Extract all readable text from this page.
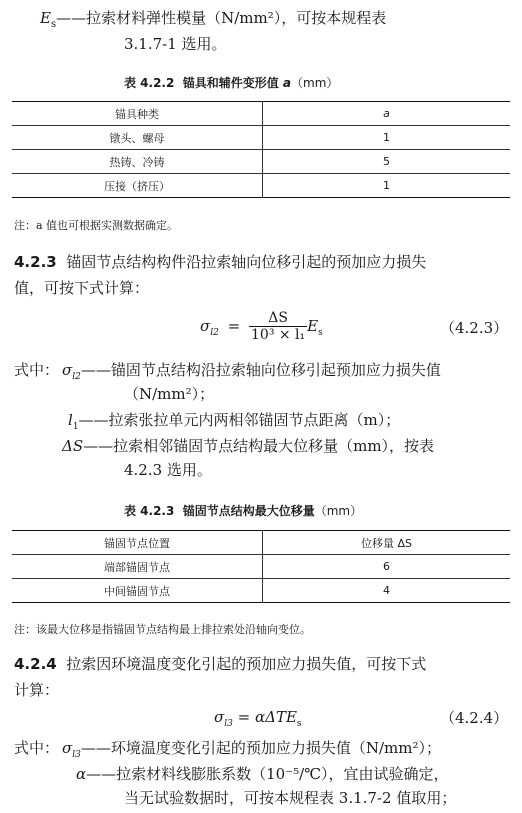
$E_s——$拉索材料弹性模量（N/mm²），可按本规程表
3.1.7-1 选用。
表 4.2.2 锚具和辅件变形值 a（mm）
锚具种类	a
镦头、螺母	1
热铸、冷铸	5
压接（挤压）	1
注：a 值也可根据实测数据确定。
4.2.3 锚固节点结构构件沿拉索轴向位移引起的预加应力损失
值，可按下式计算：
$\sigma_{l2} = \frac{\Delta S}{\text{10³ × l₁}} E_s$	（4.2.3）
式中： $\sigma_{l2}——$锚固节点结构沿拉索轴向位移引起预加应力损失值
（N/mm²）；
$l_1——$拉索张拉单元内两相邻锚固节点距离（m）；
ΔS——拉索相邻锚固节点结构最大位移量（mm），按表
4.2.3 选用。
表 4.2.3 锚固节点结构最大位移量（mm）
锚固节点位置	位移量 ΔS
端部锚固节点	6
中间锚固节点	4
注：该最大位移是指锚固节点结构最上排拉索处沿轴向变位。
4.2.4 拉索因环境温度变化引起的预加应力损失值，可按下式
计算：
$\sigma_{l3} = \alpha\Delta TE_s$	（4.2.4）
式中： $\sigma_{l3}——$环境温度变化引起的预加应力损失值（N/mm²）；
α——拉索材料线膨胀系数（10⁻⁵/℃），宜由试验确定，
当无试验数据时，可按本规程表 3.1.7-2 值取用；
